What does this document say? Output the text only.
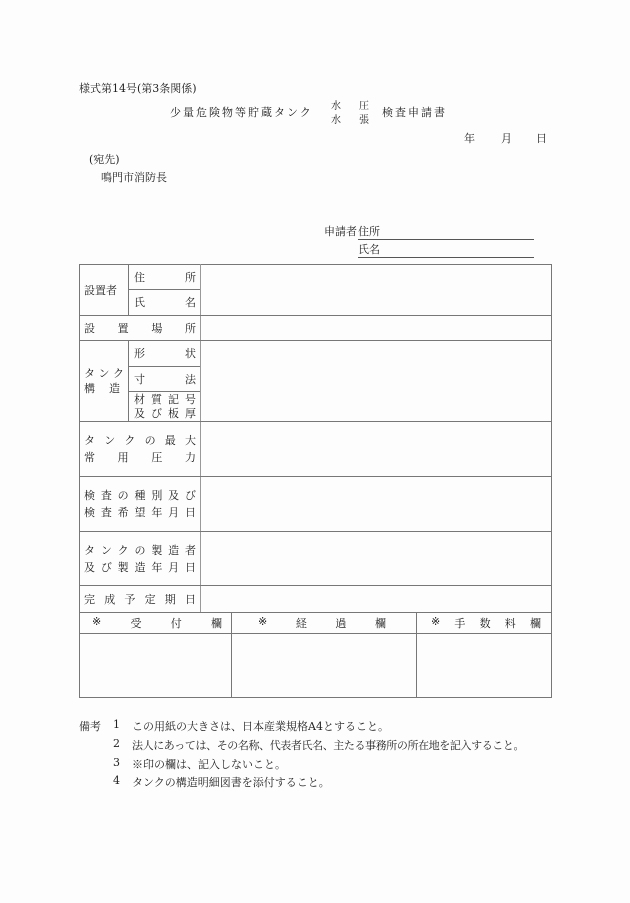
様式第14号(第3条関係)
少量危険物等貯蔵タンク 水 圧
水 張
検査申請書
年 月 日
(宛先)
鳴門市消防長
申請者 住所
氏名
設置者
住	所
氏	名
設 置 場 所
タ ン ク
構 造
形	状
寸	法
材 質 記 号
及 び 板 厚
タ ン ク の 最 大
常 用 圧 力
検 査 の 種 別 及 び
検 査 希 望 年 月 日
タ ン ク の 製 造 者
及 び 製 造 年 月 日
完 成 予 定 期 日
※	受	付	欄	※	経	過	欄	※ 手 数 料 欄
備考 1 この用紙の大きさは、日本産業規格A4とすること。
2 法人にあっては、その名称、代表者氏名、主たる事務所の所在地を記入すること。
3 ※印の欄は、記入しないこと。
4 タンクの構造明細図書を添付すること。
